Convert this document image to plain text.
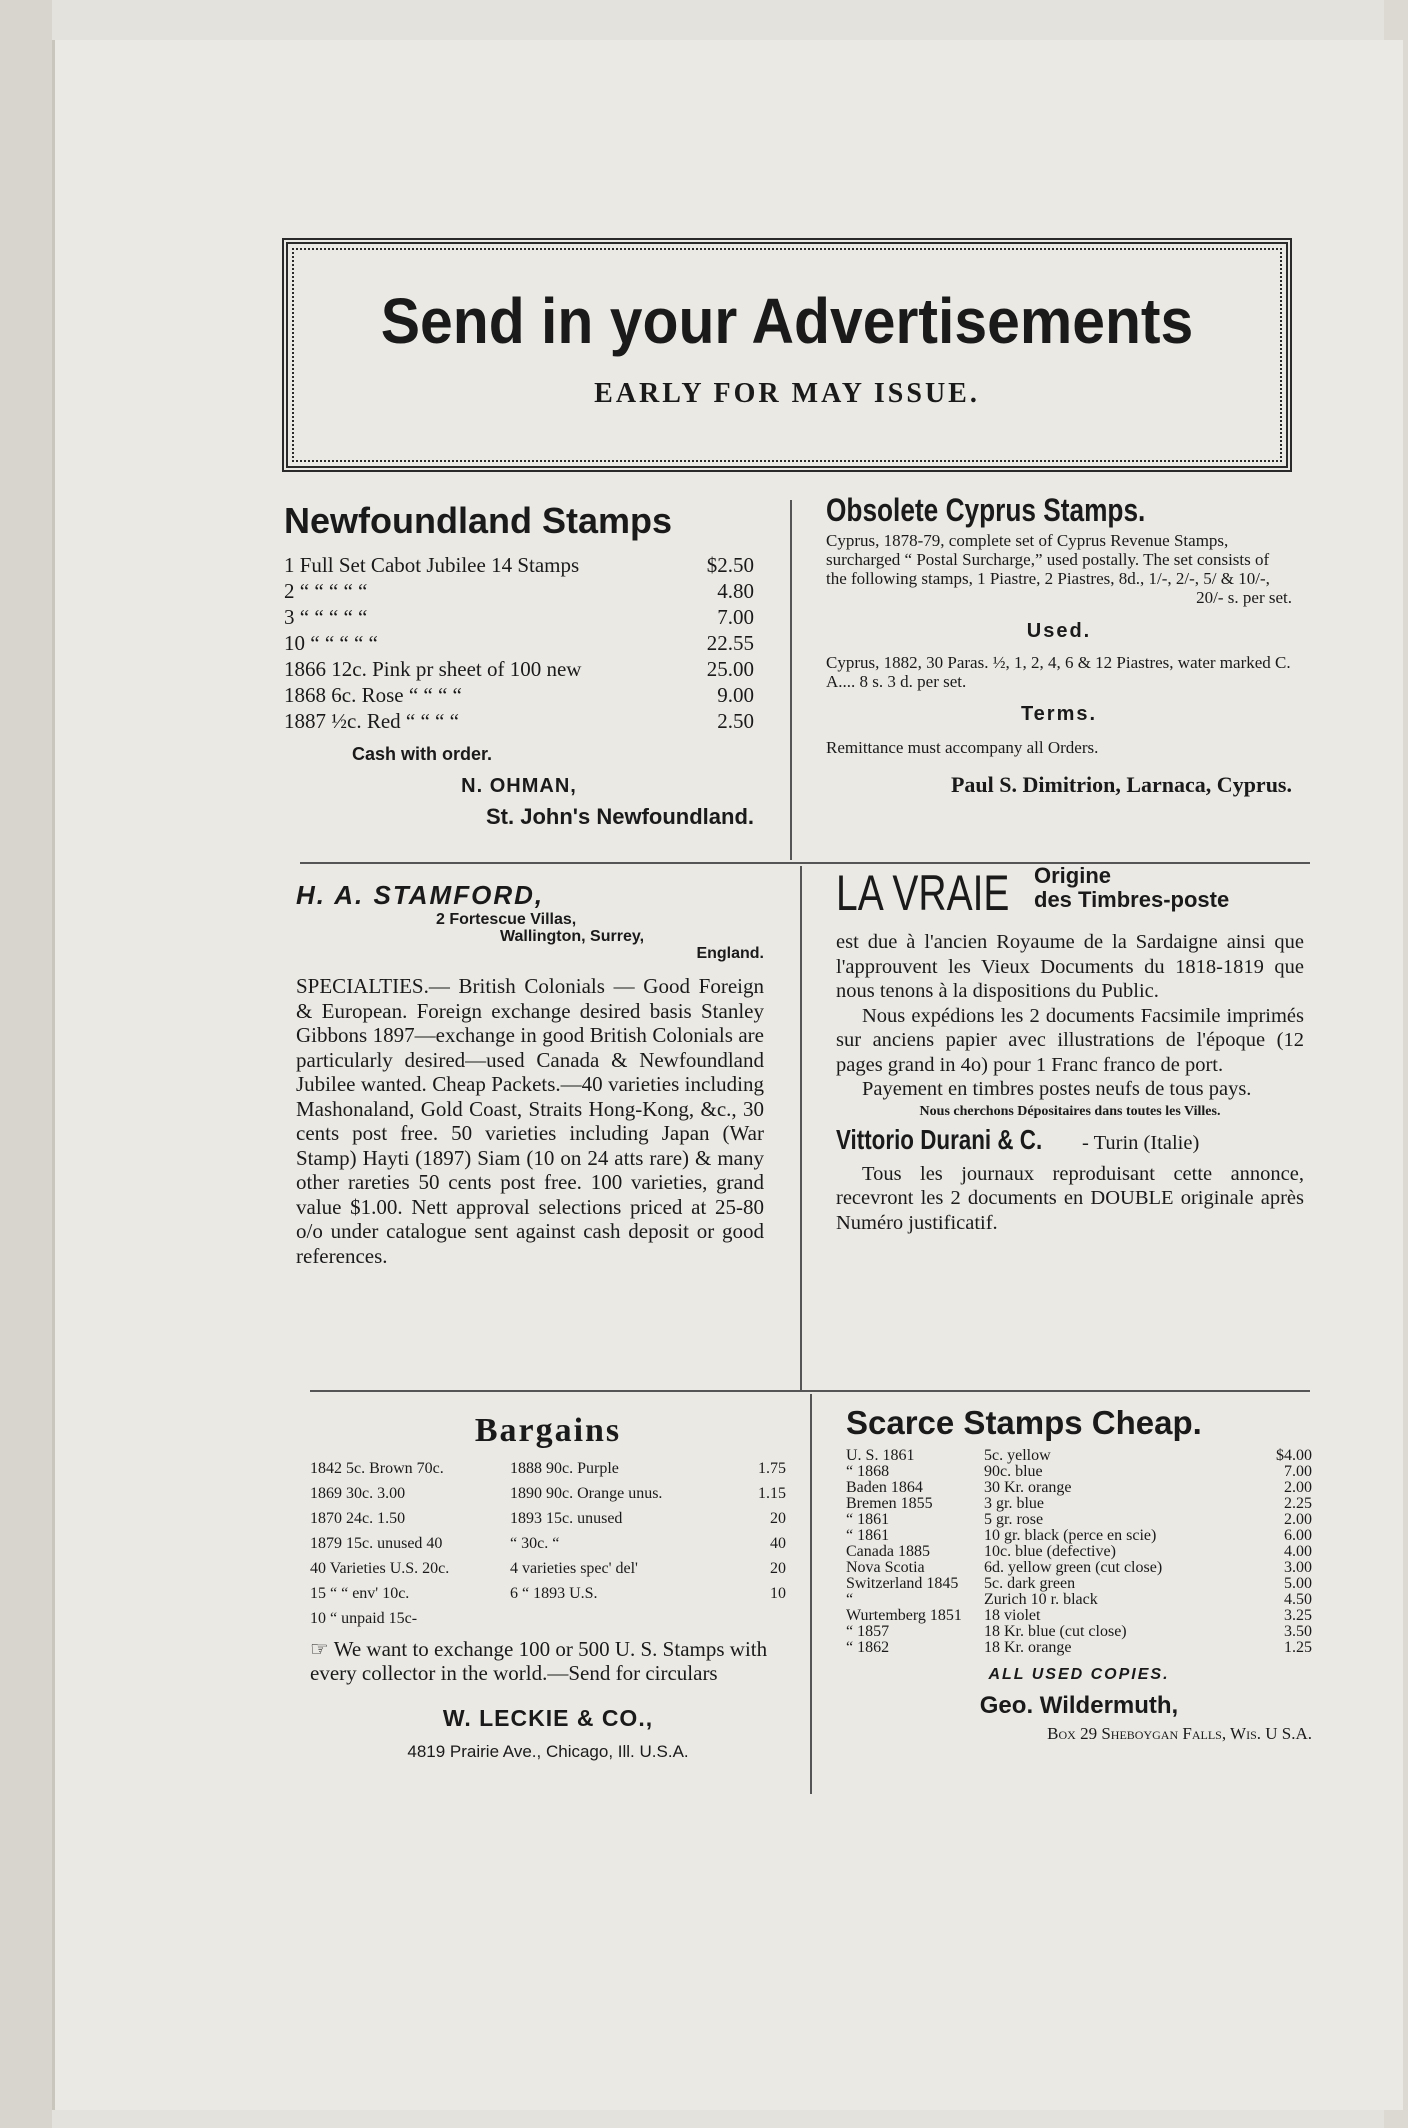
Send in your Advertisements
EARLY FOR MAY ISSUE.
Newfoundland Stamps
1 Full Set Cabot Jubilee 14 Stamps	$2.50
2 “ “ “ “ “	4.80
3 “ “ “ “ “	7.00
10 “ “ “ “ “	22.55
1866 12c. Pink pr sheet of 100 new	25.00
1868 6c. Rose “ “ “ “	9.00
1887 ½c. Red “ “ “ “	2.50
Cash with order.
N. OHMAN,
St. John's Newfoundland.
Obsolete Cyprus Stamps.

Cyprus, 1878-79, complete set of Cyprus Revenue Stamps, surcharged “ Postal Surcharge,” used postally. The set consists of the following stamps, 1 Piastre, 2 Piastres, 8d., 1/-, 2/-, 5/ & 10/-,

20/- s. per set.

Used.

Cyprus, 1882, 30 Paras. ½, 1, 2, 4, 6 & 12 Piastres, water marked C. A.... 8 s. 3 d. per set.

Terms.

Remittance must accompany all Orders.

Paul S. Dimitrion, Larnaca, Cyprus.
H. A. STAMFORD,
2 Fortescue Villas,
Wallington, Surrey,
England.

SPECIALTIES.— British Colonials — Good Foreign & European. Foreign exchange desired basis Stanley Gibbons 1897—exchange in good British Colonials are particularly desired—used Canada & Newfoundland Jubilee wanted. Cheap Packets.—40 varieties including Mashonaland, Gold Coast, Straits Hong-Kong, &c., 30 cents post free. 50 varieties including Japan (War Stamp) Hayti (1897) Siam (10 on 24 atts rare) & many other rareties 50 cents post free. 100 varieties, grand value $1.00. Nett approval selections priced at 25-80 o/o under catalogue sent against cash deposit or good references.

LA VRAIE Origine
des Timbres-poste

est due à l'ancien Royaume de la Sardaigne ainsi que l'approuvent les Vieux Documents du 1818-1819 que nous tenons à la dispositions du Public.

Nous expédions les 2 documents Facsimile imprimés sur anciens papier avec illustrations de l'époque (12 pages grand in 4o) pour 1 Franc franco de port.

Payement en timbres postes neufs de tous pays.

Nous cherchons Dépositaires dans toutes les Villes.

Vittorio Durani & C. - Turin (Italie)

Tous les journaux reproduisant cette annonce, recevront les 2 documents en DOUBLE originale après Numéro justificatif.

Bargains
1842 5c. Brown 70c.	1888 90c. Purple	1.75
1869 30c. 3.00	1890 90c. Orange unus.	1.15
1870 24c. 1.50	1893 15c. unused	20
1879 15c. unused 40	“ 30c. “	40
40 Varieties U.S. 20c.	4 varieties spec' del'	20
15 “ “ env' 10c.	6 “ 1893 U.S.	10
10 “ unpaid 15c-

☞ We want to exchange 100 or 500 U. S. Stamps with every collector in the world.—Send for circulars

W. LECKIE & CO.,
4819 Prairie Ave., Chicago, Ill. U.S.A.
Scarce Stamps Cheap.
U. S. 1861	5c. yellow	$4.00
“ 1868	90c. blue	7.00
Baden 1864	30 Kr. orange	2.00
Bremen 1855	3 gr. blue	2.25
“ 1861	5 gr. rose	2.00
“ 1861	10 gr. black (perce en scie)	6.00
Canada 1885	10c. blue (defective)	4.00
Nova Scotia	6d. yellow green (cut close)	3.00
Switzerland 1845	5c. dark green	5.00
“	Zurich 10 r. black	4.50
Wurtemberg 1851	18 violet	3.25
“ 1857	18 Kr. blue (cut close)	3.50
“ 1862	18 Kr. orange	1.25
ALL USED COPIES.
Geo. Wildermuth,
Box 29 Sheboygan Falls, Wis. U S.A.
